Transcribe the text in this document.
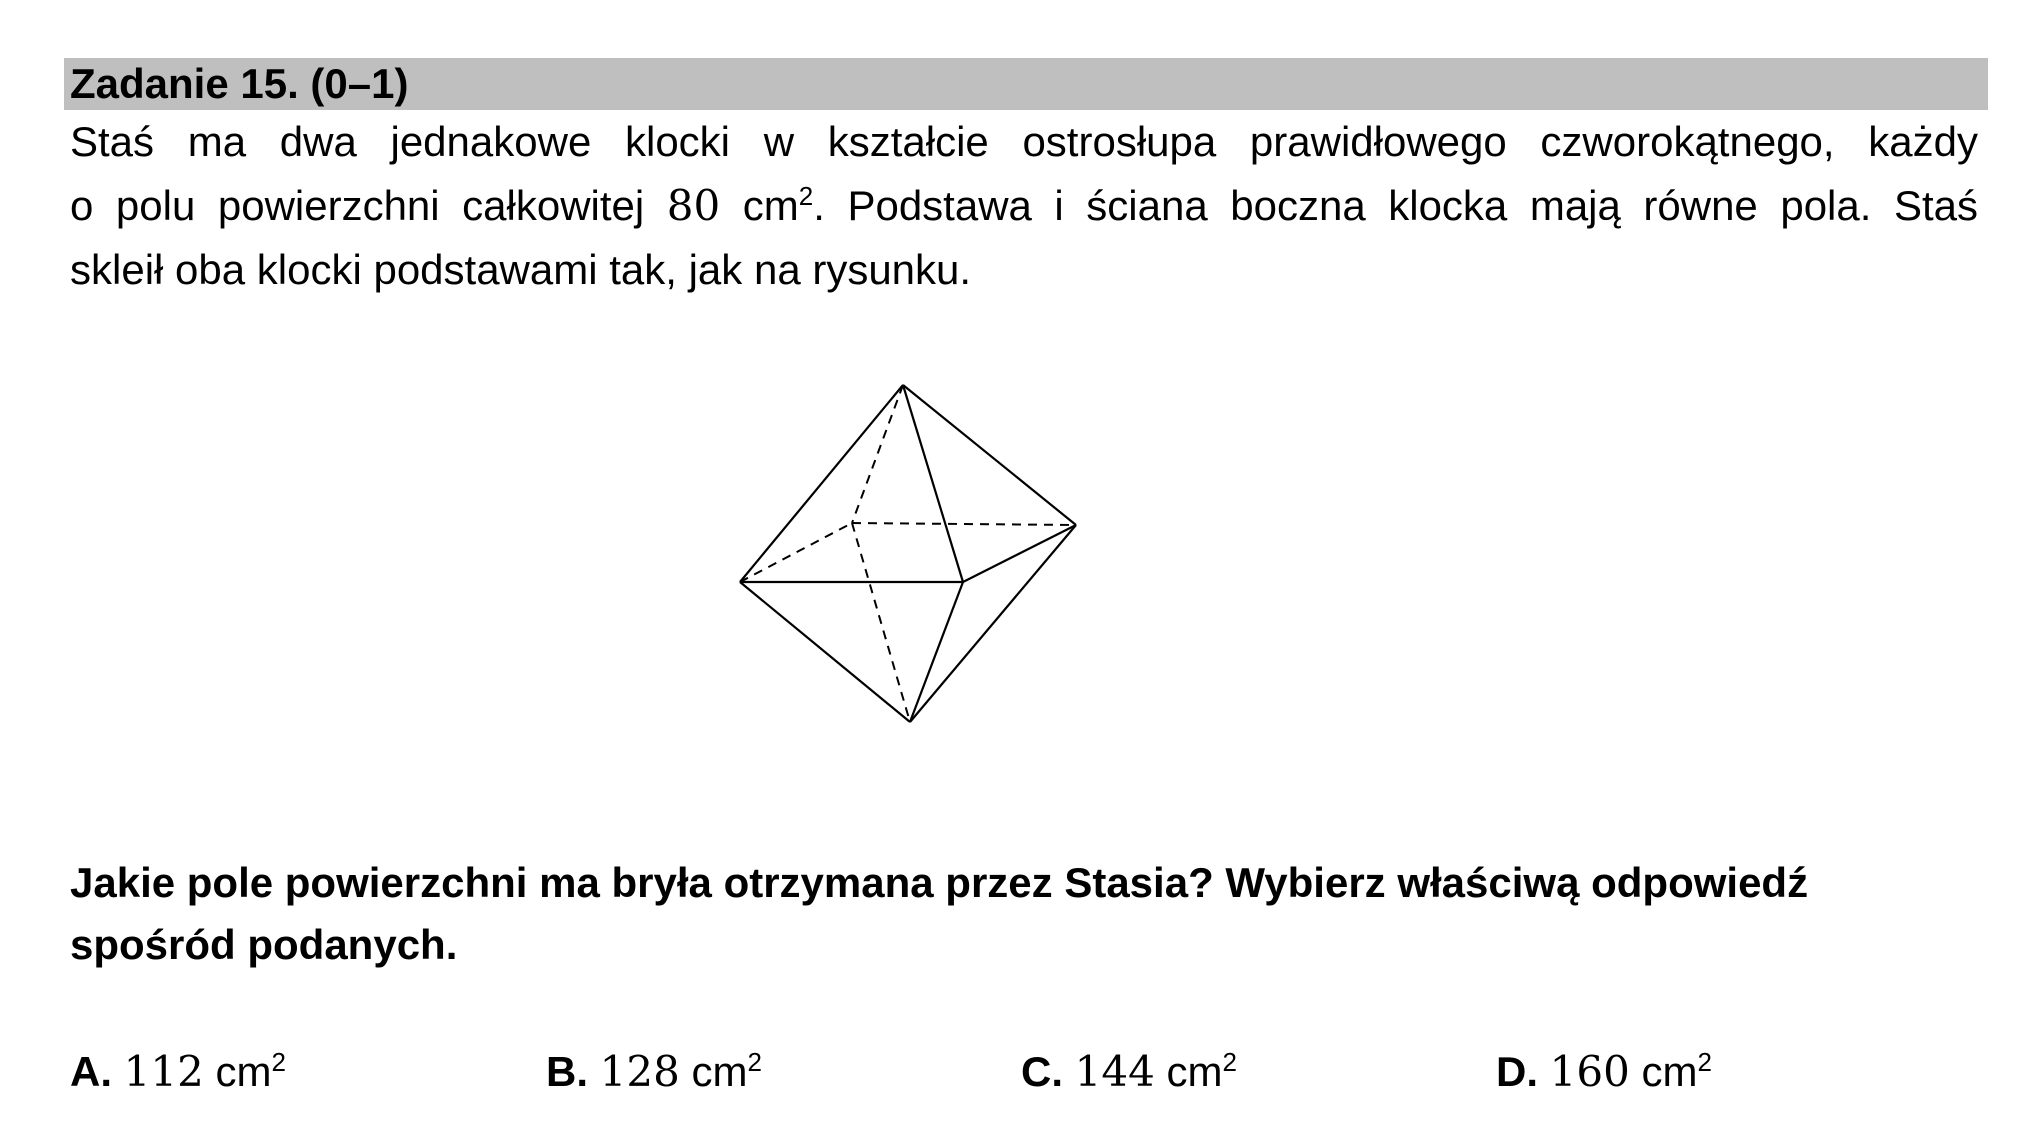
Zadanie 15. (0–1)
Staś ma dwa jednakowe klocki w kształcie ostrosłupa prawidłowego czworokątnego, każdy
o polu powierzchni całkowitej 80 $cm^2$. Podstawa i ściana boczna klocka mają równe pola. Staś
skleił oba klocki podstawami tak, jak na rysunku.
Jakie pole powierzchni ma bryła otrzymana przez Stasia? Wybierz właściwą odpowiedź
spośród podanych.
A. 112 $cm^2$	B. 128 $cm^2$	C. 144 $cm^2$	D. 160 $cm^2$
